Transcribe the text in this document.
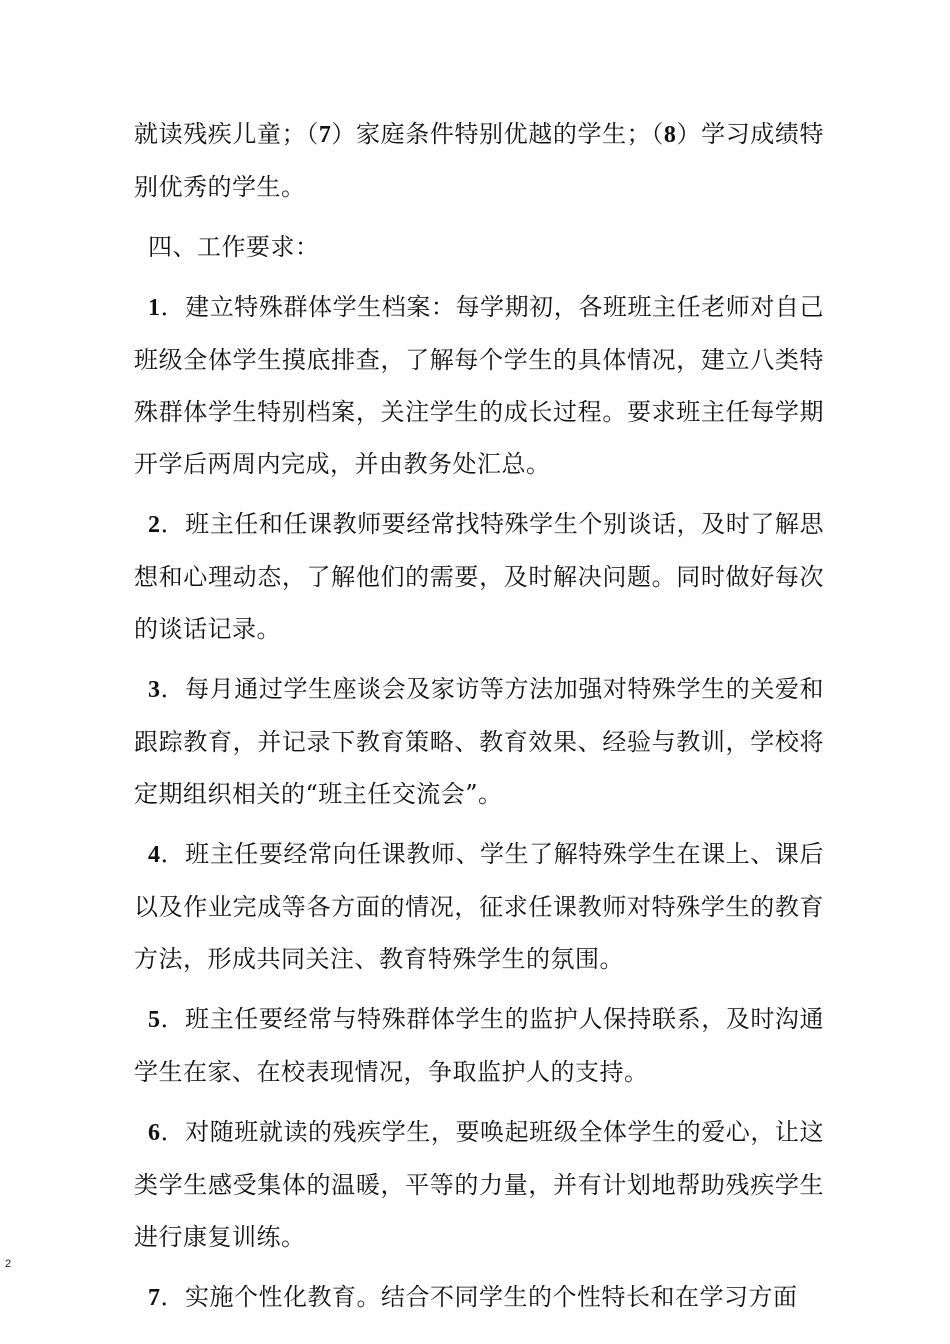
就读残疾儿童；（7）家庭条件特别优越的学生；（8）学习成绩特别优秀的学生。

四、工作要求：

1．建立特殊群体学生档案：每学期初，各班班主任老师对自己班级全体学生摸底排查，了解每个学生的具体情况，建立八类特殊群体学生特别档案，关注学生的成长过程。要求班主任每学期开学后两周内完成，并由教务处汇总。

2．班主任和任课教师要经常找特殊学生个别谈话，及时了解思想和心理动态，了解他们的需要，及时解决问题。同时做好每次的谈话记录。

3．每月通过学生座谈会及家访等方法加强对特殊学生的关爱和跟踪教育，并记录下教育策略、教育效果、经验与教训，学校将定期组织相关的“班主任交流会”。

4．班主任要经常向任课教师、学生了解特殊学生在课上、课后以及作业完成等各方面的情况，征求任课教师对特殊学生的教育方法，形成共同关注、教育特殊学生的氛围。

5．班主任要经常与特殊群体学生的监护人保持联系，及时沟通学生在家、在校表现情况，争取监护人的支持。

6．对随班就读的残疾学生，要唤起班级全体学生的爱心，让这类学生感受集体的温暖，平等的力量，并有计划地帮助残疾学生进行康复训练。

7．实施个性化教育。结合不同学生的个性特长和在学习方面

2
